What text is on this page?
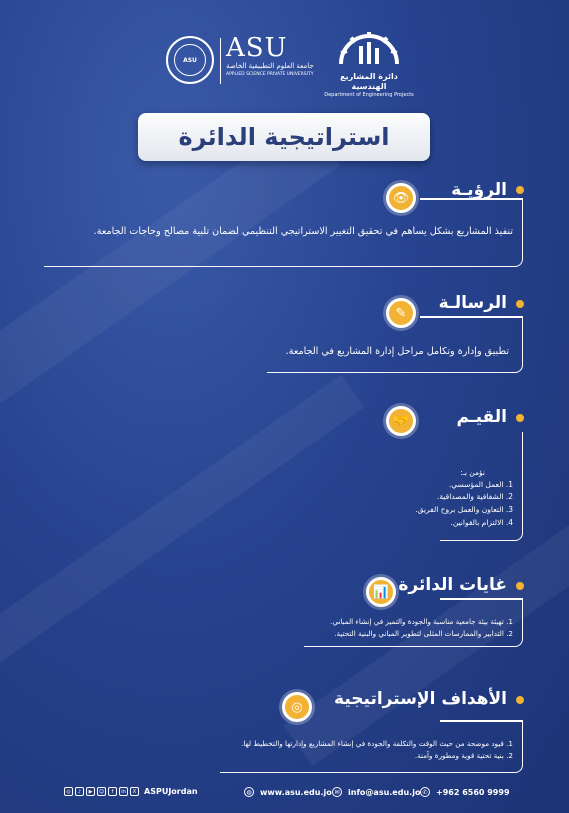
ASU	ASU
جامعة العلوم التطبيقية الخاصة
APPLIED SCIENCE PRIVATE UNIVERSITY	دائرة المشاريع الهندسية
Department of Engineering Projects
استراتيجية الدائرة
👁 الرؤيـة
تنفيذ المشاريع بشكل يساهم في تحقيق التغيير الاستراتيجي التنظيمي لضمان تلبية مصالح وحاجات الجامعة.
✎ الرسالـة
تطبيق وإدارة وتكامل مراحل إدارة المشاريع في الجامعة.
🤝	القيـم
نؤمن بـ:
1. العمل المؤسسي.
2. الشفافية والمصداقية.
3. التعاون والعمل بروح الفريق.
4. الالتزام بالقوانين.
📊 غايات الدائرة
1. تهيئة بيئة جامعية مناسبة والجودة والتميز في إنشاء المباني.
2. التدابير والممارسات المثلى لتطوير المباني والبنية التحتية.
◎ الأهداف الإستراتيجية
1. قيود موضحة من حيث الوقت والتكلفة والجودة في إنشاء المشاريع وإدارتها والتخطيط لها.
2. بنية تحتية قوية ومطورة وآمنة.
◎	♪	▶	☺	f	in	X ASPUJordan	◍ www.asu.edu.jo ✉	info@asu.edu.jo ✆	+962 6560 9999
